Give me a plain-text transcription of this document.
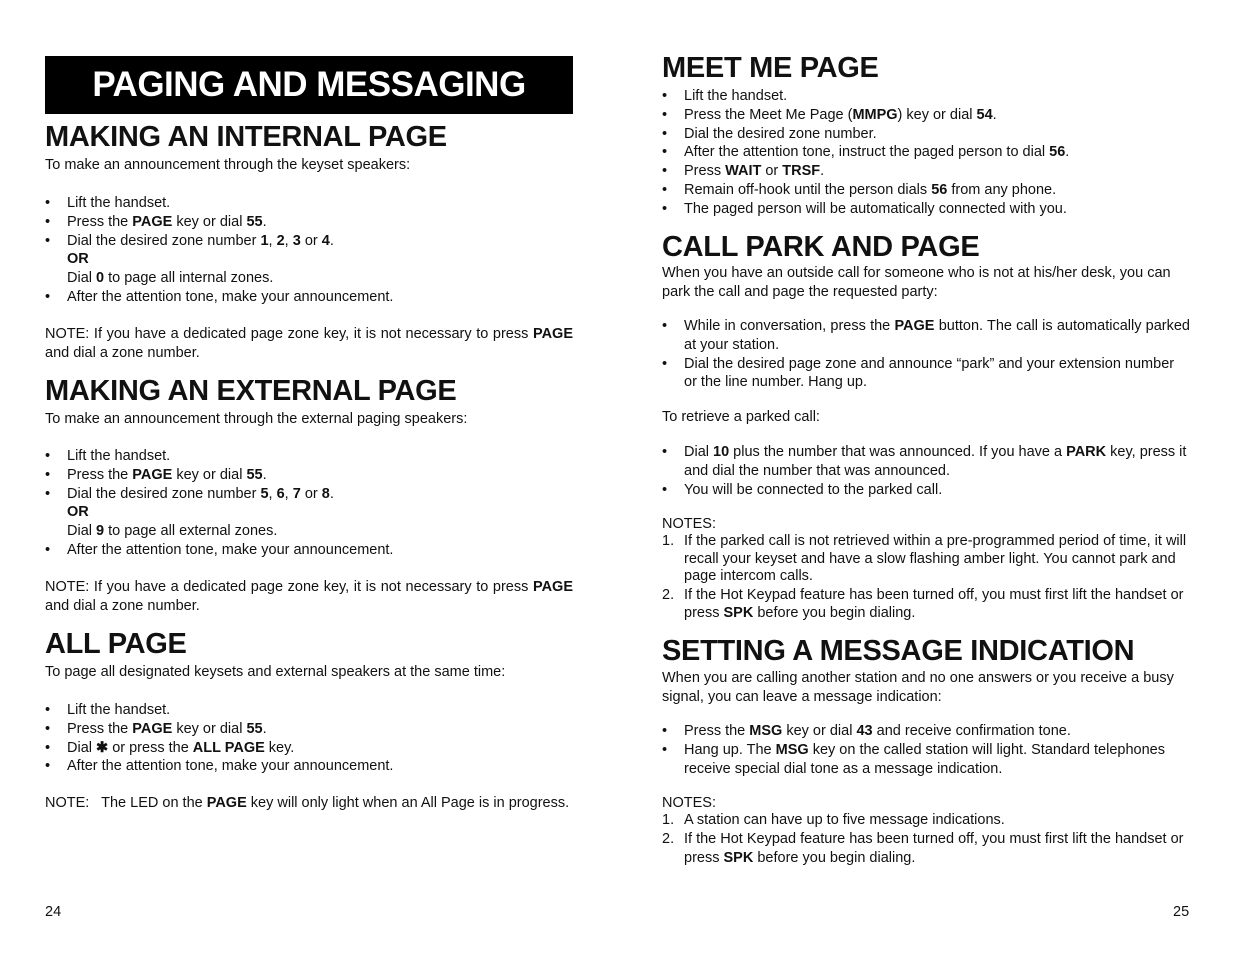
PAGING AND MESSAGING
MAKING AN INTERNAL PAGE

To make an announcement through the keyset speakers:

• Lift the handset.
• Press the PAGE key or dial 55.
• Dial the desired zone number 1, 2, 3 or 4.
OR
Dial 0 to page all internal zones.
• After the attention tone, make your announcement.

NOTE: If you have a dedicated page zone key, it is not necessary to press PAGE and dial a zone number.

MAKING AN EXTERNAL PAGE

To make an announcement through the external paging speakers:

• Lift the handset.
• Press the PAGE key or dial 55.
• Dial the desired zone number 5, 6, 7 or 8.
OR
Dial 9 to page all external zones.
• After the attention tone, make your announcement.

NOTE: If you have a dedicated page zone key, it is not necessary to press PAGE and dial a zone number.

ALL PAGE

To page all designated keysets and external speakers at the same time:

• Lift the handset.
• Press the PAGE key or dial 55.
• Dial ✱ or press the ALL PAGE key.
• After the attention tone, make your announcement.

NOTE:   The LED on the PAGE key will only light when an All Page is in progress.

MEET ME PAGE
• Lift the handset.
• Press the Meet Me Page (MMPG) key or dial 54.
• Dial the desired zone number.
• After the attention tone, instruct the paged person to dial 56.
• Press WAIT or TRSF.
• Remain off-hook until the person dials 56 from any phone.
• The paged person will be automatically connected with you.
CALL PARK AND PAGE

When you have an outside call for someone who is not at his/her desk, you can park the call and page the requested party:

• While in conversation, press the PAGE button. The call is automatically parked at your station.
• Dial the desired page zone and announce “park” and your extension number or the line number. Hang up.

To retrieve a parked call:

• Dial 10 plus the number that was announced. If you have a PARK key, press it and dial the number that was announced.
• You will be connected to the parked call.

NOTES:

1. If the parked call is not retrieved within a pre-programmed period of time, it will recall your keyset and have a slow flashing amber light. You cannot park and page intercom calls.
2. If the Hot Keypad feature has been turned off, you must first lift the handset or press SPK before you begin dialing.
SETTING A MESSAGE INDICATION

When you are calling another station and no one answers or you receive a busy signal, you can leave a message indication:

• Press the MSG key or dial 43 and receive confirmation tone.
• Hang up. The MSG key on the called station will light. Standard telephones receive special dial tone as a message indication.

NOTES:

1. A station can have up to five message indications.
2. If the Hot Keypad feature has been turned off, you must first lift the handset or press SPK before you begin dialing.
24	25
